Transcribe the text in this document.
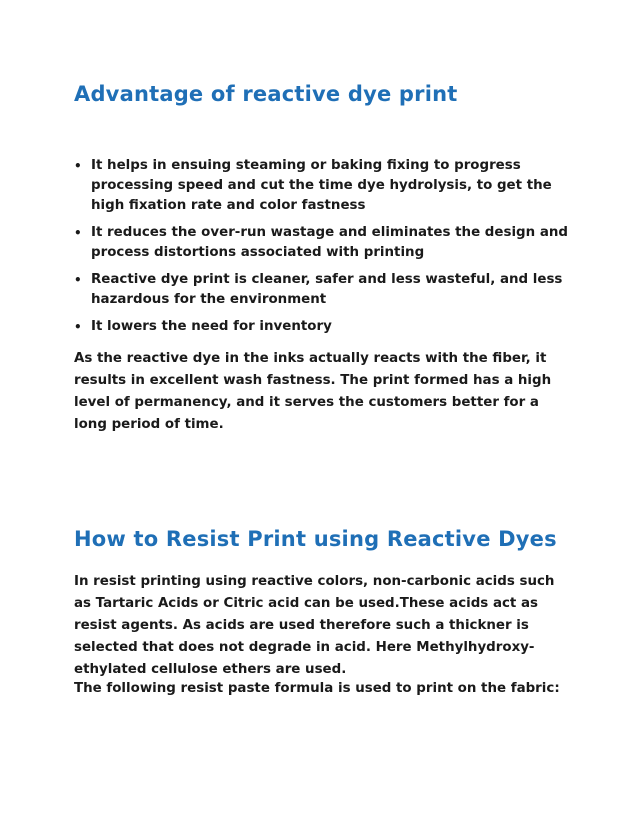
Advantage of reactive dye print
• It helps in ensuing steaming or baking fixing to progress processing speed and cut the time dye hydrolysis, to get the high fixation rate and color fastness
• It reduces the over-run wastage and eliminates the design and process distortions associated with printing
• Reactive dye print is cleaner, safer and less wasteful, and less hazardous for the environment
• It lowers the need for inventory

As the reactive dye in the inks actually reacts with the fiber, it results in excellent wash fastness. The print formed has a high level of permanency, and it serves the customers better for a long period of time.

How to Resist Print using Reactive Dyes

In resist printing using reactive colors, non-carbonic acids such as Tartaric Acids or Citric acid can be used.These acids act as resist agents. As acids are used therefore such a thickner is selected that does not degrade in acid. Here Methylhydroxy-ethylated cellulose ethers are used.

The following resist paste formula is used to print on the fabric:
